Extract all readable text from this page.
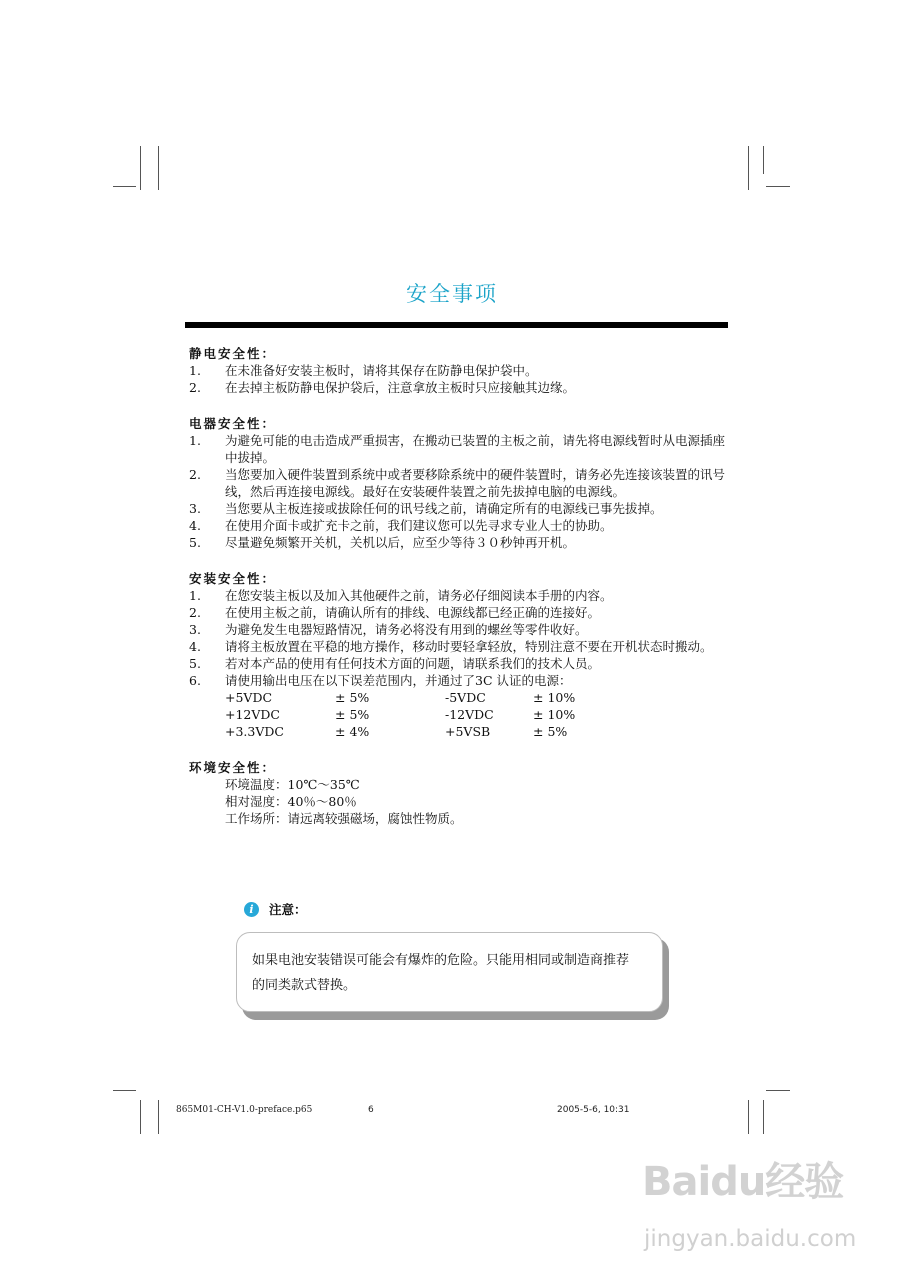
安全事项

静电安全性：

1.	在未准备好安装主板时，请将其保存在防静电保护袋中。
2.	在去掉主板防静电保护袋后，注意拿放主板时只应接触其边缘。

电器安全性：

1.	为避免可能的电击造成严重损害，在搬动已装置的主板之前，请先将电源线暂时从电源插座中拔掉。
2.	当您要加入硬件装置到系统中或者要移除系统中的硬件装置时，请务必先连接该装置的讯号线，然后再连接电源线。最好在安装硬件装置之前先拔掉电脑的电源线。
3.	当您要从主板连接或拔除任何的讯号线之前，请确定所有的电源线已事先拔掉。
4.	在使用介面卡或扩充卡之前，我们建议您可以先寻求专业人士的协助。
5.	尽量避免频繁开关机，关机以后，应至少等待３０秒钟再开机。

安装安全性：

1.	在您安装主板以及加入其他硬件之前，请务必仔细阅读本手册的内容。
2.	在使用主板之前，请确认所有的排线、电源线都已经正确的连接好。
3.	为避免发生电器短路情况，请务必将没有用到的螺丝等零件收好。
4.	请将主板放置在平稳的地方操作，移动时要轻拿轻放，特别注意不要在开机状态时搬动。
5.	若对本产品的使用有任何技术方面的问题，请联系我们的技术人员。
6.	请使用输出电压在以下误差范围内，并通过了3C 认证的电源：
+5VDC	± 5%	-5VDC	± 10%
+12VDC	± 5%	-12VDC	± 10%
+3.3VDC	± 4%	+5VSB	± 5%

环境安全性：

环境温度：10℃～35℃
相对湿度：40％～80％
工作场所：请远离较强磁场，腐蚀性物质。
i	注意：
如果电池安装错误可能会有爆炸的危险。只能用相同或制造商推荐
的同类款式替换。
865M01-CH-V1.0-preface.p65	6	2005-5-6, 10:31
Baidu经验
jingyan.baidu.com
